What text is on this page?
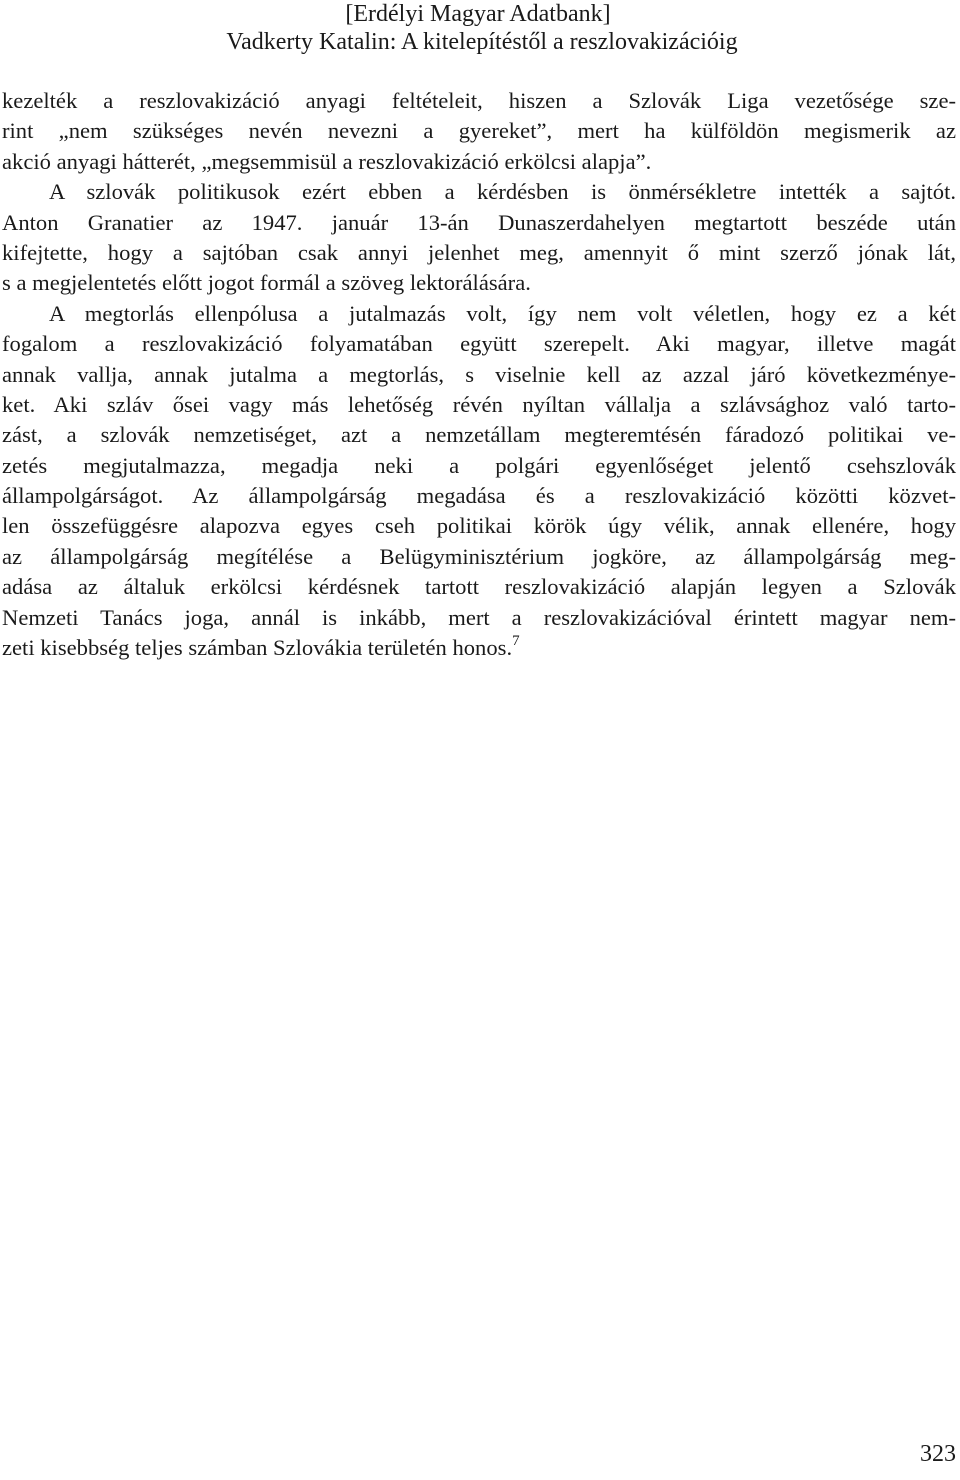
[Erdélyi Magyar Adatbank]
Vadkerty Katalin: A kitelepítéstől a reszlovakizációig
kezelték a reszlovakizáció anyagi feltételeit, hiszen a Szlovák Liga vezetősége sze-
rint „nem szükséges nevén nevezni a gyereket”, mert ha külföldön megismerik az
akció anyagi hátterét, „megsemmisül a reszlovakizáció erkölcsi alapja”.
A szlovák politikusok ezért ebben a kérdésben is önmérsékletre intették a sajtót.
Anton Granatier az 1947. január 13-án Dunaszerdahelyen megtartott beszéde után
kifejtette, hogy a sajtóban csak annyi jelenhet meg, amennyit ő mint szerző jónak lát,
s a megjelentetés előtt jogot formál a szöveg lektorálására.
A megtorlás ellenpólusa a jutalmazás volt, így nem volt véletlen, hogy ez a két
fogalom a reszlovakizáció folyamatában együtt szerepelt. Aki magyar, illetve magát
annak vallja, annak jutalma a megtorlás, s viselnie kell az azzal járó következménye-
ket. Aki szláv ősei vagy más lehetőség révén nyíltan vállalja a szlávsághoz való tarto-
zást, a szlovák nemzetiséget, azt a nemzetállam megteremtésén fáradozó politikai ve-
zetés megjutalmazza, megadja neki a polgári egyenlőséget jelentő csehszlovák
állampolgárságot. Az állampolgárság megadása és a reszlovakizáció közötti közvet-
len összefüggésre alapozva egyes cseh politikai körök úgy vélik, annak ellenére, hogy
az állampolgárság megítélése a Belügyminisztérium jogköre, az állampolgárság meg-
adása az általuk erkölcsi kérdésnek tartott reszlovakizáció alapján legyen a Szlovák
Nemzeti Tanács joga, annál is inkább, mert a reszlovakizációval érintett magyar nem-
zeti kisebbség teljes számban Szlovákia területén honos.$^7$
323
